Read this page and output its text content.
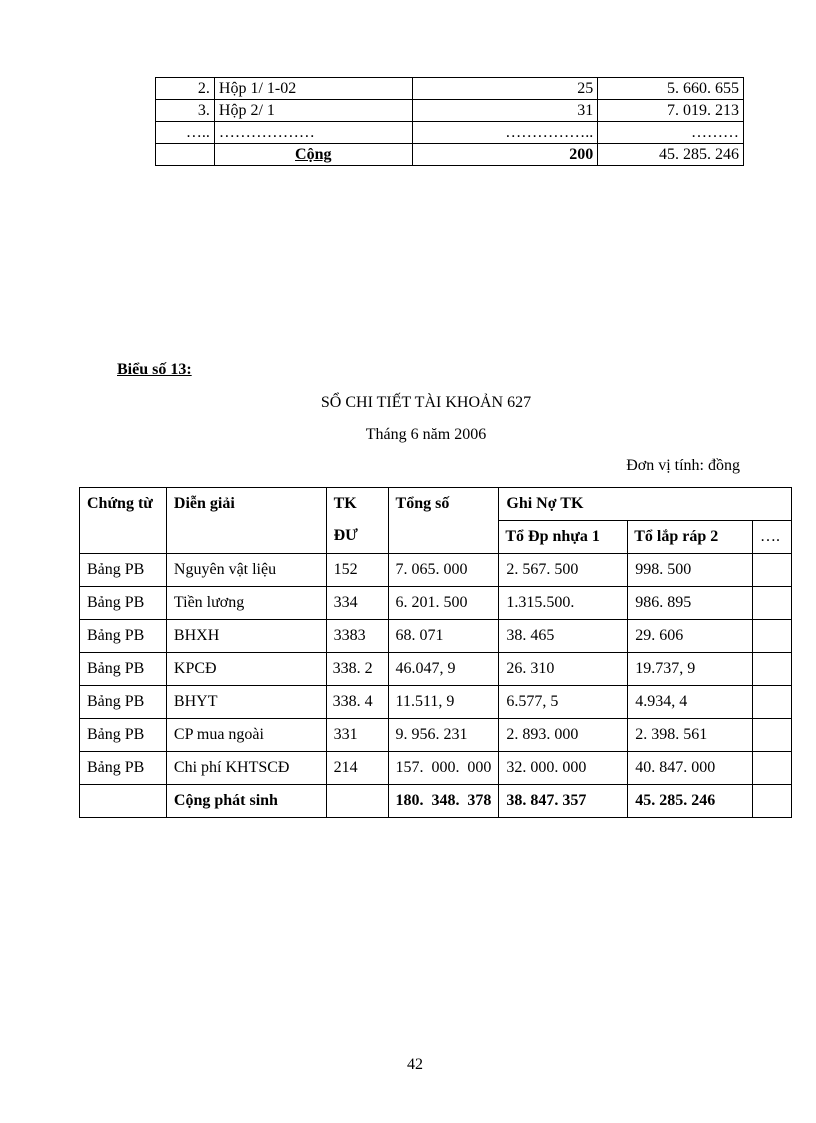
2.	Hộp 1/ 1-02	25	5. 660. 655
3.	Hộp 2/ 1	31	7. 019. 213
…..	………………	……………..	………
	Cộng	200	45. 285. 246
Biểu số 13:
SỔ CHI TIẾT TÀI KHOẢN 627
Tháng 6 năm 2006
Đơn vị tính: đồng
Chứng từ	Diễn giải	TK ĐƯ	Tổng số	Ghi Nợ TK		
				Tổ Đp nhựa 1	Tổ lắp ráp 2	….
Bảng PB	Nguyên vật liệu	152	7. 065. 000	2. 567. 500	998. 500	
Bảng PB	Tiền lương	334	6. 201. 500	1.315.500.	986. 895	
Bảng PB	BHXH	3383	68. 071	38. 465	29. 606	
Bảng PB	KPCĐ	338. 2	46.047, 9	26. 310	19.737, 9	
Bảng PB	BHYT	338. 4	11.511, 9	6.577, 5	4.934, 4	
Bảng PB	CP mua ngoài	331	9. 956. 231	2. 893. 000	2. 398. 561	
Bảng PB	Chi phí KHTSCĐ	214	157. 000. 000	32. 000. 000	40. 847. 000	
	Cộng phát sinh		180. 348. 378	38. 847. 357	45. 285. 246	
42
